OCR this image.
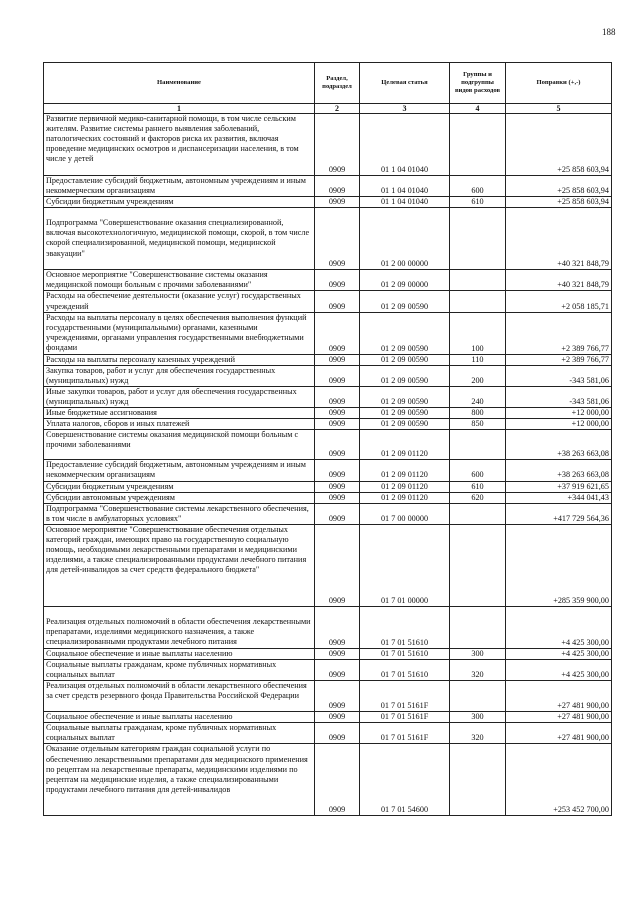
188
Наименование	Раздел, подраздел	Целевая статья	Группы и подгруппы видов расходов	Поправки (+,-)
1	2	3	4	5
Развитие первичной медико-санитарной помощи, в том числе сельским жителям. Развитие системы раннего выявления заболеваний, патологических состояний и факторов риска их развития, включая проведение медицинских осмотров и диспансеризации населения, в том числе у детей	0909	01 1 04 01040		+25 858 603,94
Предоставление субсидий бюджетным, автономным учреждениям и иным некоммерческим организациям	0909	01 1 04 01040	600	+25 858 603,94
Субсидии бюджетным учреждениям	0909	01 1 04 01040	610	+25 858 603,94
Подпрограмма "Совершенствование оказания специализированной, включая высокотехнологичную, медицинской помощи, скорой, в том числе скорой специализированной, медицинской помощи, медицинской эвакуации"	0909	01 2 00 00000		+40 321 848,79
Основное мероприятие "Совершенствование системы оказания медицинской помощи больным с прочими заболеваниями"	0909	01 2 09 00000		+40 321 848,79
Расходы на обеспечение деятельности (оказание услуг) государственных учреждений	0909	01 2 09 00590		+2 058 185,71
Расходы на выплаты персоналу в целях обеспечения выполнения функций государственными (муниципальными) органами, казенными учреждениями, органами управления государственными внебюджетными фондами	0909	01 2 09 00590	100	+2 389 766,77
Расходы на выплаты персоналу казенных учреждений	0909	01 2 09 00590	110	+2 389 766,77
Закупка товаров, работ и услуг для обеспечения государственных (муниципальных) нужд	0909	01 2 09 00590	200	-343 581,06
Иные закупки товаров, работ и услуг для обеспечения государственных (муниципальных) нужд	0909	01 2 09 00590	240	-343 581,06
Иные бюджетные ассигнования	0909	01 2 09 00590	800	+12 000,00
Уплата налогов, сборов и иных платежей	0909	01 2 09 00590	850	+12 000,00
Совершенствование системы оказания медицинской помощи больным с прочими заболеваниями	0909	01 2 09 01120		+38 263 663,08
Предоставление субсидий бюджетным, автономным учреждениям и иным некоммерческим организациям	0909	01 2 09 01120	600	+38 263 663,08
Субсидии бюджетным учреждениям	0909	01 2 09 01120	610	+37 919 621,65
Субсидии автономным учреждениям	0909	01 2 09 01120	620	+344 041,43
Подпрограмма "Совершенствование системы лекарственного обеспечения, в том числе в амбулаторных условиях"	0909	01 7 00 00000		+417 729 564,36
Основное мероприятие "Совершенствование обеспечения отдельных категорий граждан, имеющих право на государственную социальную помощь, необходимыми лекарственными препаратами и медицинскими изделиями, а также специализированными продуктами лечебного питания для детей-инвалидов за счет средств федерального бюджета"	0909	01 7 01 00000		+285 359 900,00
Реализация отдельных полномочий в области обеспечения лекарственными препаратами, изделиями медицинского назначения, а также специализированными продуктами лечебного питания	0909	01 7 01 51610		+4 425 300,00
Социальное обеспечение и иные выплаты населению	0909	01 7 01 51610	300	+4 425 300,00
Социальные выплаты гражданам, кроме публичных нормативных социальных выплат	0909	01 7 01 51610	320	+4 425 300,00
Реализация отдельных полномочий в области лекарственного обеспечения за счет средств резервного фонда Правительства Российской Федерации	0909	01 7 01 5161F		+27 481 900,00
Социальное обеспечение и иные выплаты населению	0909	01 7 01 5161F	300	+27 481 900,00
Социальные выплаты гражданам, кроме публичных нормативных социальных выплат	0909	01 7 01 5161F	320	+27 481 900,00
Оказание отдельным категориям граждан социальной услуги по обеспечению лекарственными препаратами для медицинского применения по рецептам на лекарственные препараты, медицинскими изделиями по рецептам на медицинские изделия, а также специализированными продуктами лечебного питания для детей-инвалидов	0909	01 7 01 54600		+253 452 700,00
